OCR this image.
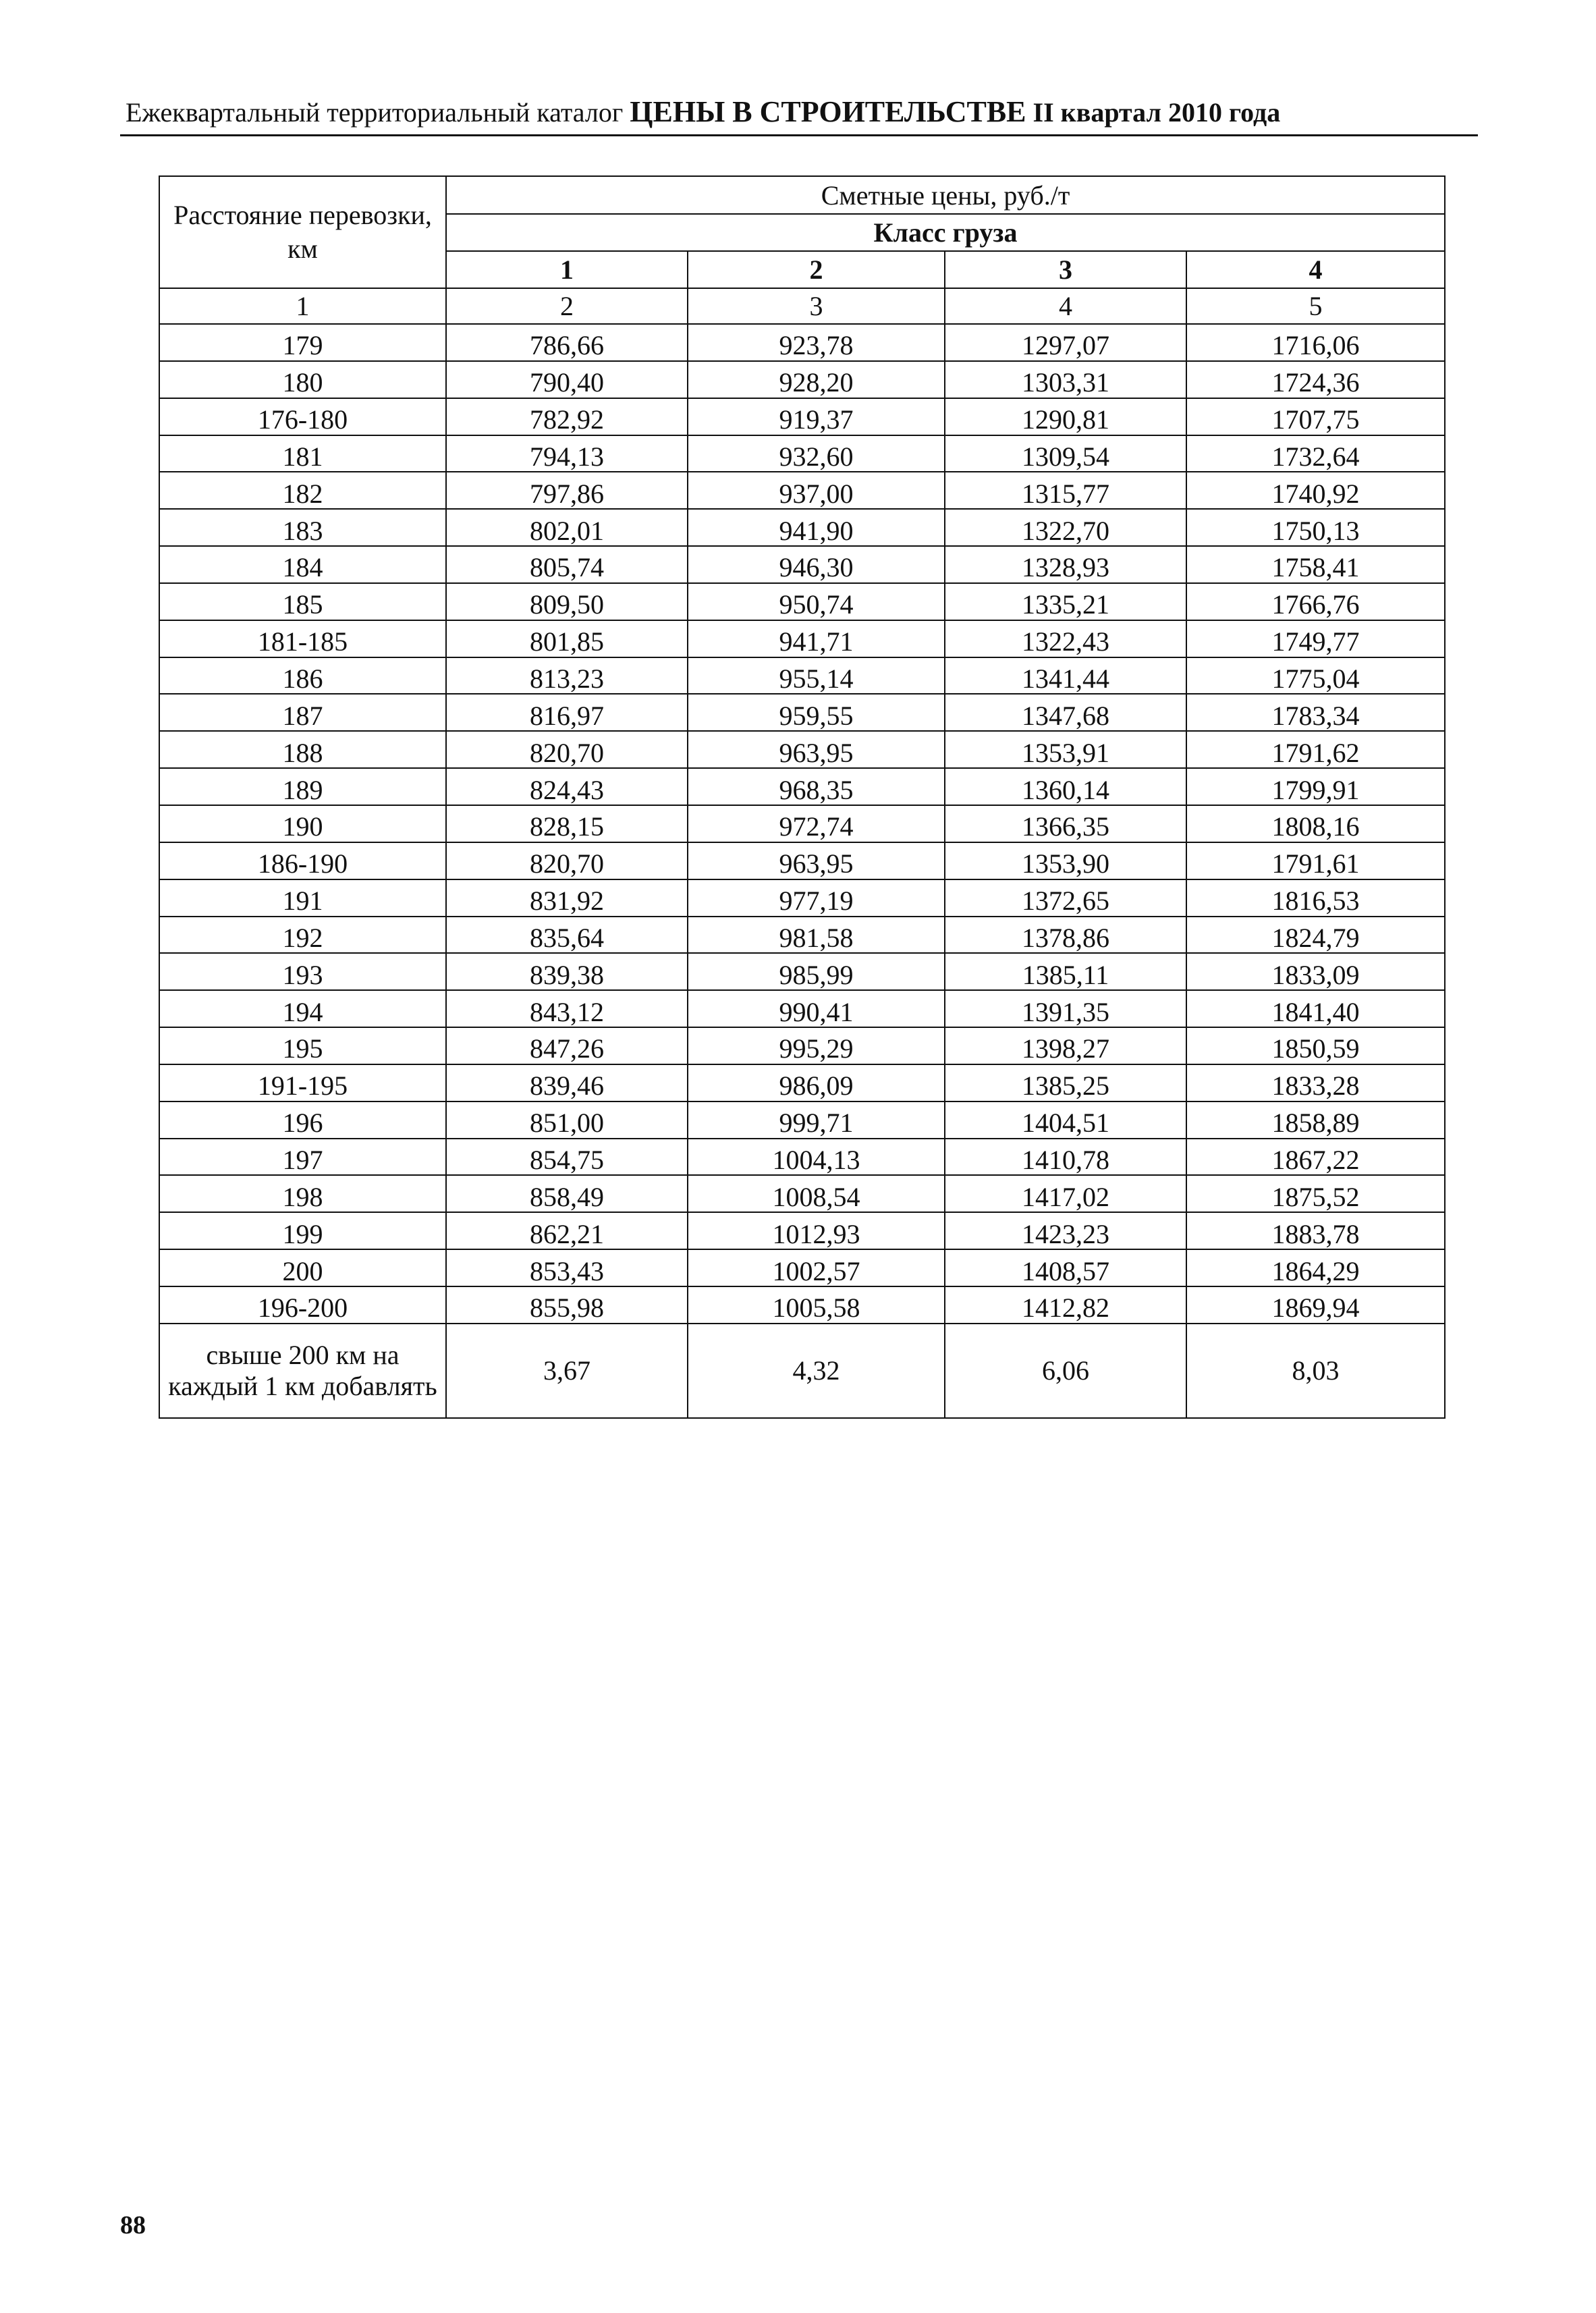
Ежеквартальный территориальный каталог ЦЕНЫ В СТРОИТЕЛЬСТВЕ II квартал 2010 года
Расстояние перевозки, км	Сметные цены, руб./т			
	Класс груза			
	1	2	3	4
1	2	3	4	5
179	786,66	923,78	1297,07	1716,06
180	790,40	928,20	1303,31	1724,36
176-180	782,92	919,37	1290,81	1707,75
181	794,13	932,60	1309,54	1732,64
182	797,86	937,00	1315,77	1740,92
183	802,01	941,90	1322,70	1750,13
184	805,74	946,30	1328,93	1758,41
185	809,50	950,74	1335,21	1766,76
181-185	801,85	941,71	1322,43	1749,77
186	813,23	955,14	1341,44	1775,04
187	816,97	959,55	1347,68	1783,34
188	820,70	963,95	1353,91	1791,62
189	824,43	968,35	1360,14	1799,91
190	828,15	972,74	1366,35	1808,16
186-190	820,70	963,95	1353,90	1791,61
191	831,92	977,19	1372,65	1816,53
192	835,64	981,58	1378,86	1824,79
193	839,38	985,99	1385,11	1833,09
194	843,12	990,41	1391,35	1841,40
195	847,26	995,29	1398,27	1850,59
191-195	839,46	986,09	1385,25	1833,28
196	851,00	999,71	1404,51	1858,89
197	854,75	1004,13	1410,78	1867,22
198	858,49	1008,54	1417,02	1875,52
199	862,21	1012,93	1423,23	1883,78
200	853,43	1002,57	1408,57	1864,29
196-200	855,98	1005,58	1412,82	1869,94
свыше 200 км на каждый 1 км добавлять	3,67	4,32	6,06	8,03
88
